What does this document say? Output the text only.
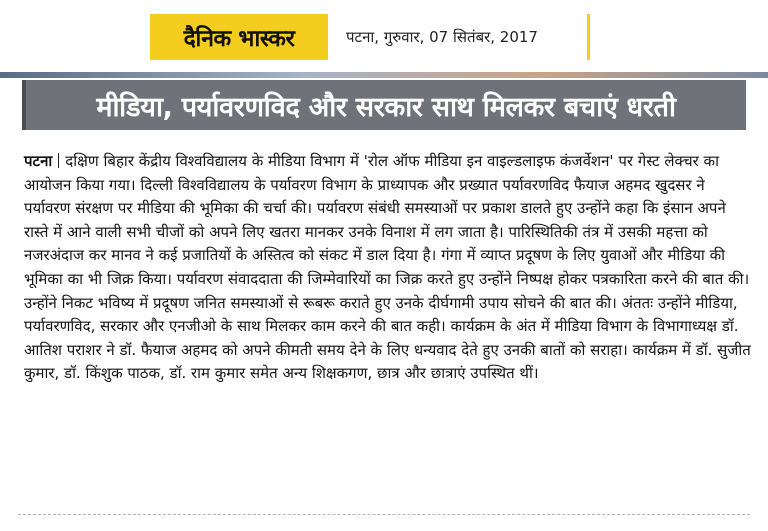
दैनिक भास्कर	पटना, गुरुवार, 07 सितंबर, 2017
मीडिया, पर्यावरणविद और सरकार साथ मिलकर बचाएं धरती
पटना दक्षिण बिहार केंद्रीय विश्वविद्यालय के मीडिया विभाग में 'रोल ऑफ मीडिया इन वाइल्डलाइफ कंजर्वेशन' पर गेस्ट लेक्चर का आयोजन किया गया। दिल्ली विश्वविद्यालय के पर्यावरण विभाग के प्राध्यापक और प्रख्यात पर्यावरणविद फैयाज अहमद खुदसर ने पर्यावरण संरक्षण पर मीडिया की भूमिका की चर्चा की। पर्यावरण संबंधी समस्याओं पर प्रकाश डालते हुए उन्होंने कहा कि इंसान अपने रास्ते में आने वाली सभी चीजों को अपने लिए खतरा मानकर उनके विनाश में लग जाता है। पारिस्थितिकी तंत्र में उसकी महत्ता को नजरअंदाज कर मानव ने कई प्रजातियों के अस्तित्व को संकट में डाल दिया है। गंगा में व्याप्त प्रदूषण के लिए युवाओं और मीडिया की भूमिका का भी जिक्र किया। पर्यावरण संवाददाता की जिम्मेवारियों का जिक्र करते हुए उन्होंने निष्पक्ष होकर पत्रकारिता करने की बात की। उन्होंने निकट भविष्य में प्रदूषण जनित समस्याओं से रूबरू कराते हुए उनके दीर्घगामी उपाय सोचने की बात की। अंततः उन्होंने मीडिया, पर्यावरणविद, सरकार और एनजीओ के साथ मिलकर काम करने की बात कही। कार्यक्रम के अंत में मीडिया विभाग के विभागाध्यक्ष डॉ. आतिश पराशर ने डॉ. फैयाज अहमद को अपने कीमती समय देने के लिए धन्यवाद देते हुए उनकी बातों को सराहा। कार्यक्रम में डॉ. सुजीत कुमार, डॉ. किंशुक पाठक, डॉ. राम कुमार समेत अन्य शिक्षकगण, छात्र और छात्राएं उपस्थित थीं।
